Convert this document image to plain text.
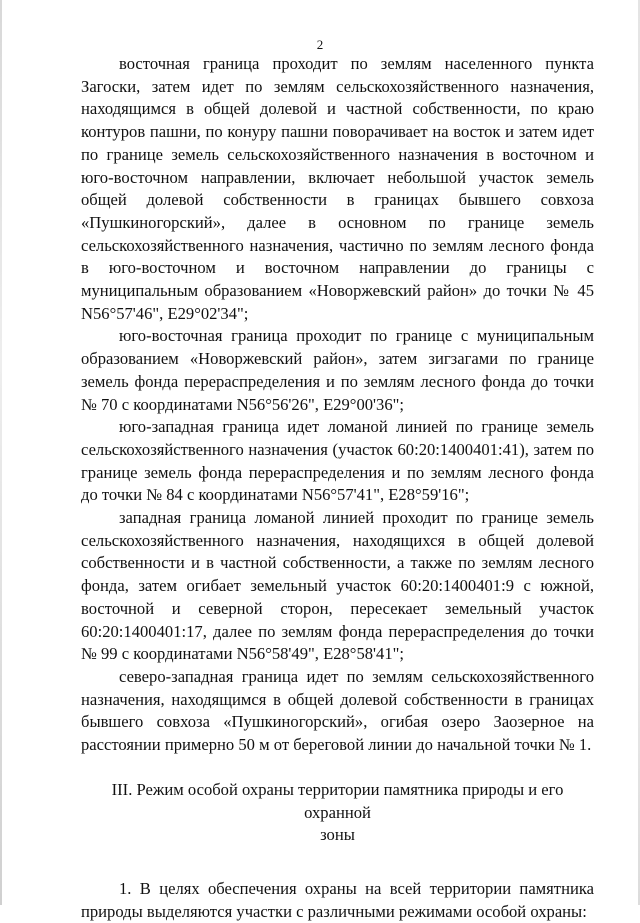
2

восточная граница проходит по землям населенного пункта Загоски, затем идет по землям сельскохозяйственного назначения, находящимся в общей долевой и частной собственности, по краю контуров пашни, по конуру пашни поворачивает на восток и затем идет по границе земель сельскохозяйственного назначения в восточном и юго-восточном направлении, включает небольшой участок земель общей долевой собственности в границах бывшего совхоза «Пушкиногорский», далее в основном по границе земель сельскохозяйственного назначения, частично по землям лесного фонда в юго-восточном и восточном направлении до границы с муниципальным образованием «Новоржевский район» до точки № 45 N56°57'46", E29°02'34";

юго-восточная граница проходит по границе с муниципальным образованием «Новоржевский район», затем зигзагами по границе земель фонда перераспределения и по землям лесного фонда до точки № 70 с координатами N56°56'26", E29°00'36";

юго-западная граница идет ломаной линией по границе земель сельскохозяйственного назначения (участок 60:20:1400401:41), затем по границе земель фонда перераспределения и по землям лесного фонда до точки № 84 с координатами N56°57'41", E28°59'16";

западная граница ломаной линией проходит по границе земель сельскохозяйственного назначения, находящихся в общей долевой собственности и в частной собственности, а также по землям лесного фонда, затем огибает земельный участок 60:20:1400401:9 с южной, восточной и северной сторон, пересекает земельный участок 60:20:1400401:17, далее по землям фонда перераспределения до точки № 99 с координатами N56°58'49", E28°58'41";

северо-западная граница идет по землям сельскохозяйственного назначения, находящимся в общей долевой собственности в границах бывшего совхоза «Пушкиногорский», огибая озеро Заозерное на расстоянии примерно 50 м от береговой линии до начальной точки № 1.

III. Режим особой охраны территории памятника природы и его охранной
зоны

1. В целях обеспечения охраны на всей территории памятника природы выделяются участки с различными режимами особой охраны:
